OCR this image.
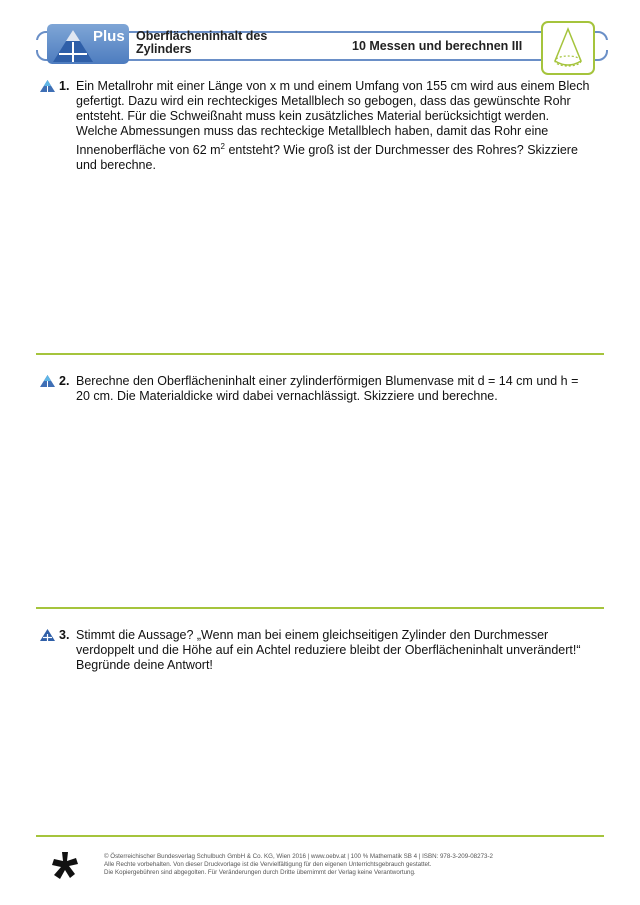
Plus Oberflächeninhalt des
Zylinders	10 Messen und berechnen III
1. Ein Metallrohr mit einer Länge von x m und einem Umfang von 155 cm wird aus einem Blech
gefertigt. Dazu wird ein rechteckiges Metallblech so gebogen, dass das gewünschte Rohr
entsteht. Für die Schweißnaht muss kein zusätzliches Material berücksichtigt werden.
Welche Abmessungen muss das rechteckige Metallblech haben, damit das Rohr eine
Innenoberfläche von 62 $m^2$ entsteht? Wie groß ist der Durchmesser des Rohres? Skizziere
und berechne.
2. Berechne den Oberflächeninhalt einer zylinderförmigen Blumenvase mit d = 14 cm und h =
20 cm. Die Materialdicke wird dabei vernachlässigt. Skizziere und berechne.
3. Stimmt die Aussage? „Wenn man bei einem gleichseitigen Zylinder den Durchmesser
verdoppelt und die Höhe auf ein Achtel reduziere bleibt der Oberflächeninhalt unverändert!“
Begründe deine Antwort!
© Österreichischer Bundesverlag Schulbuch GmbH & Co. KG, Wien 2016 | www.oebv.at | 100 % Mathematik SB 4 | ISBN: 978-3-209-08273-2
Alle Rechte vorbehalten. Von dieser Druckvorlage ist die Vervielfältigung für den eigenen Unterrichtsgebrauch gestattet.
Die Kopiergebühren sind abgegolten. Für Veränderungen durch Dritte übernimmt der Verlag keine Verantwortung.
